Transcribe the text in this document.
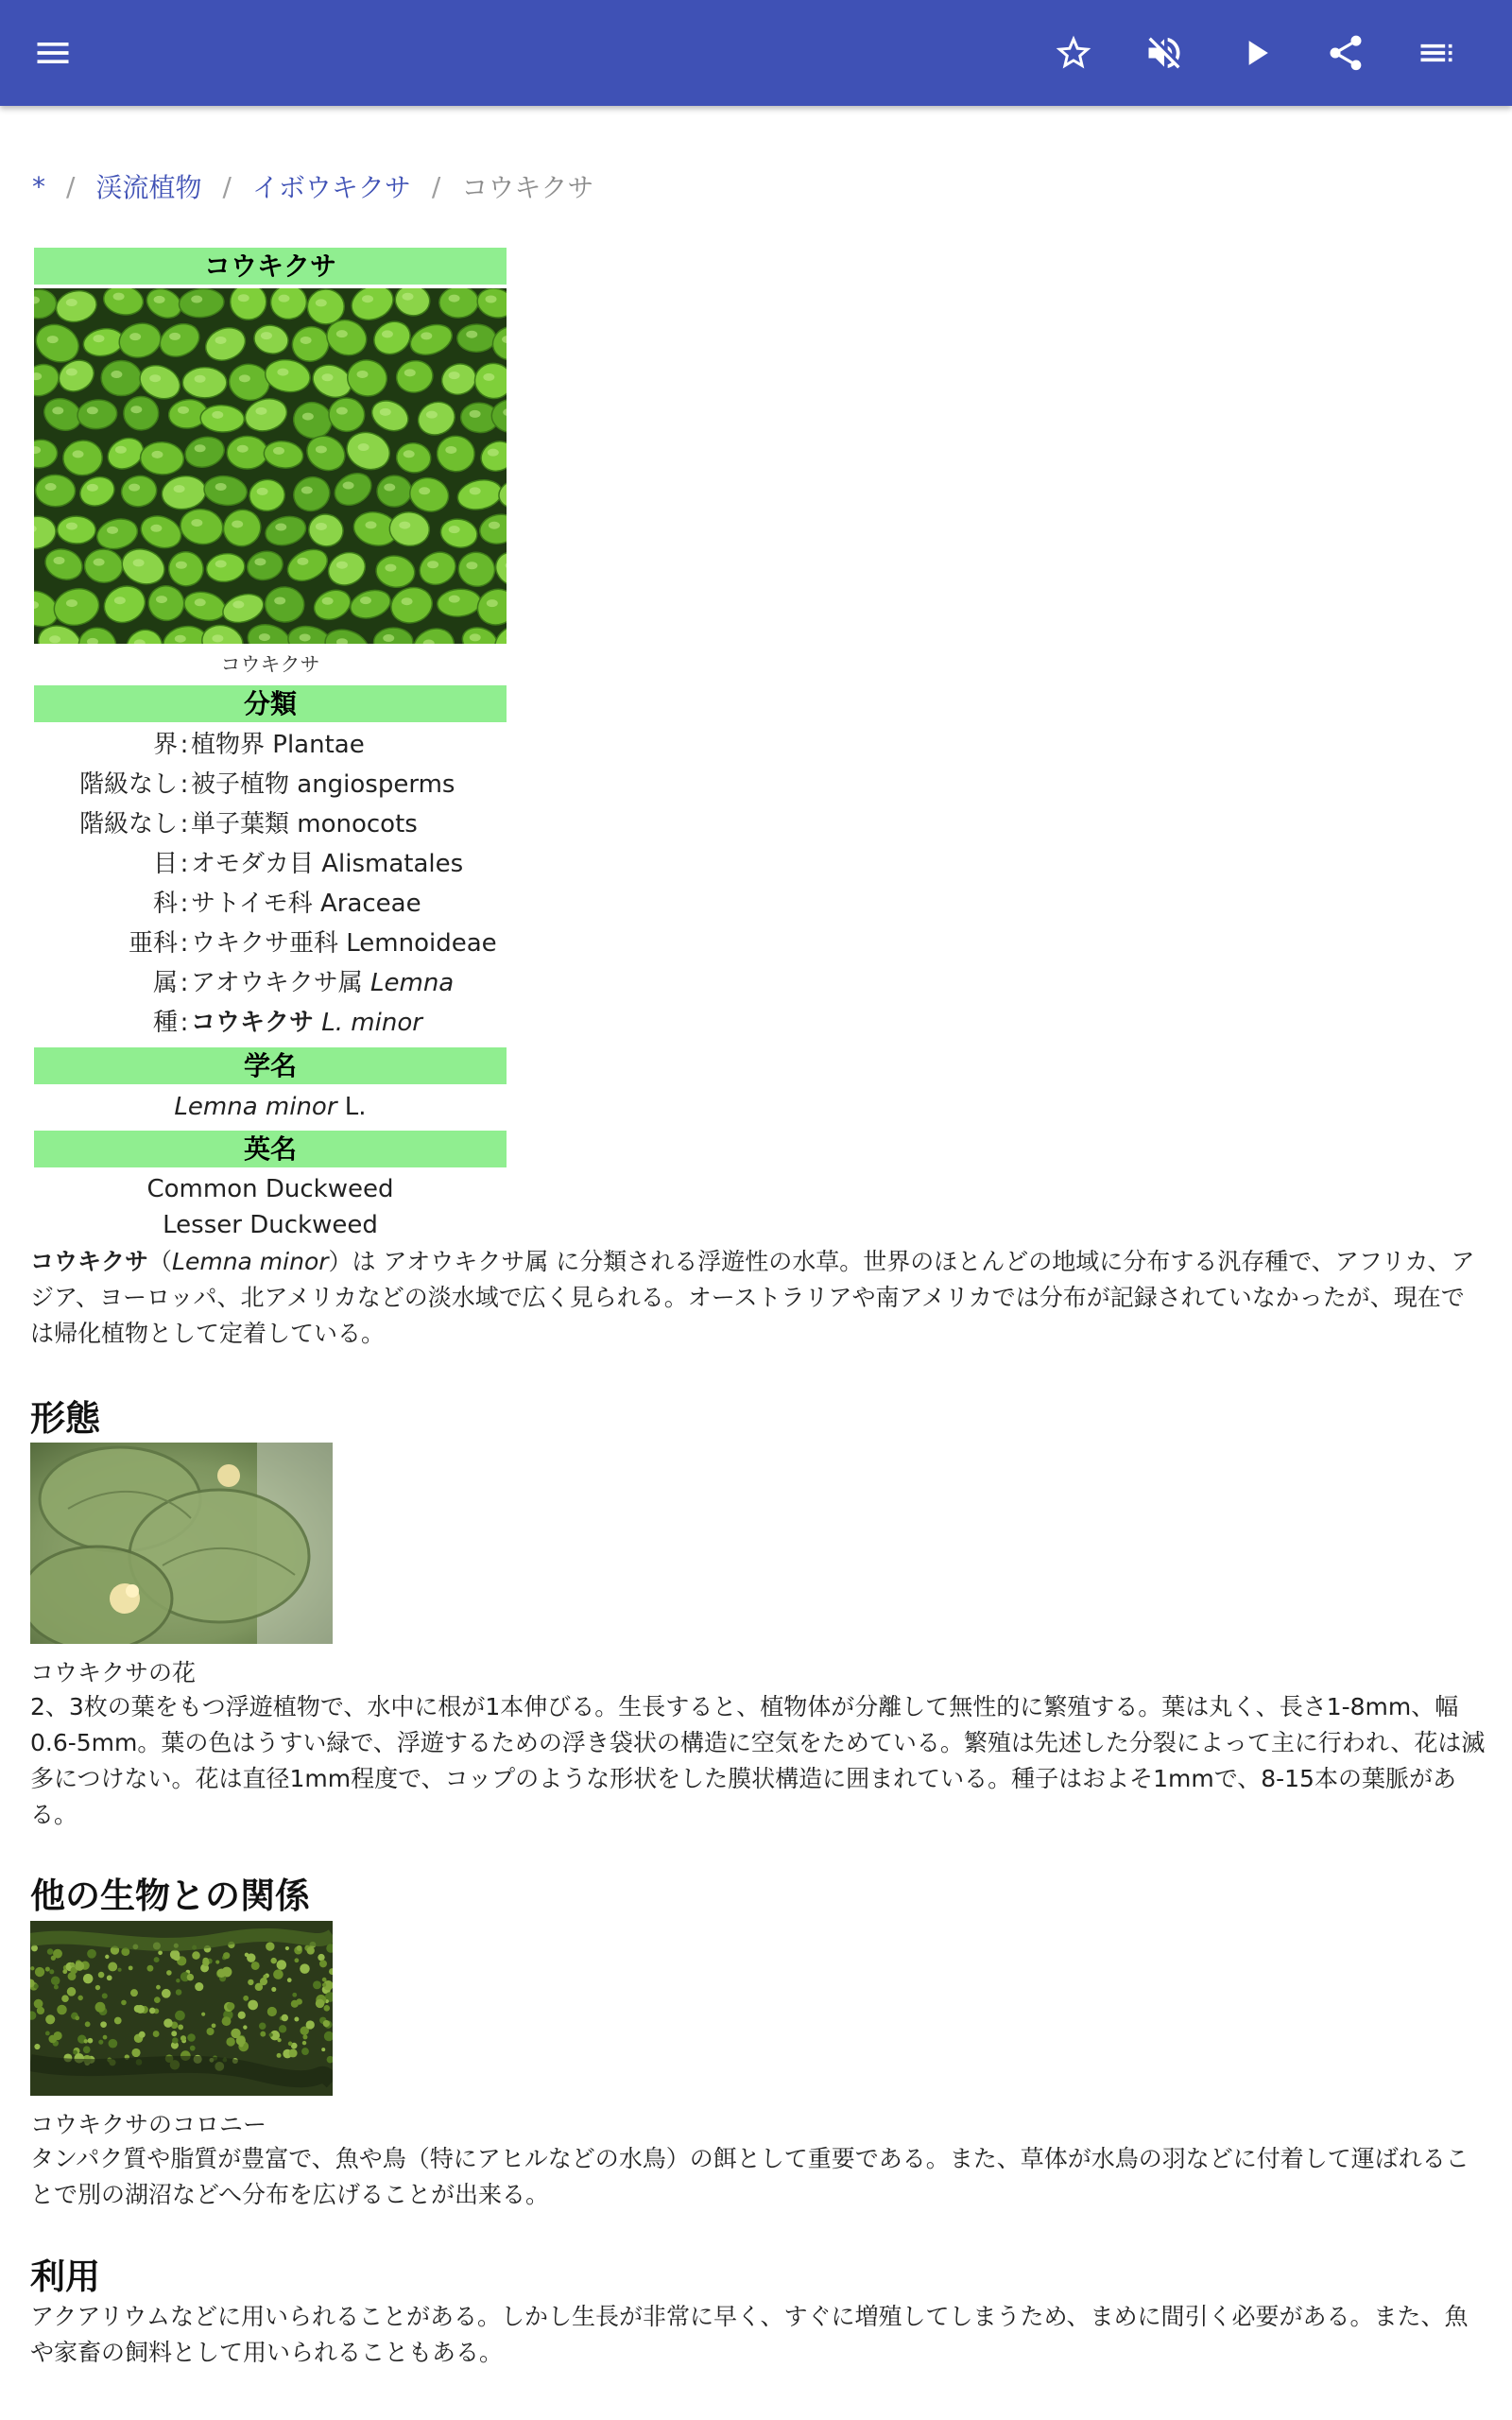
* / 渓流植物 / イボウキクサ / コウキクサ
コウキクサ
コウキクサ
分類
界 : 植物界 Plantae
階級なし : 被子植物 angiosperms
階級なし : 単子葉類 monocots
目 : オモダカ目 Alismatales
科 : サトイモ科 Araceae
亜科 : ウキクサ亜科 Lemnoideae
属 : アオウキクサ属 Lemna
種 : コウキクサ L. minor
学名
Lemna minor L.
英名
Common Duckweed
Lesser Duckweed
コウキクサ（Lemna minor）は アオウキクサ属 に分類される浮遊性の水草。世界のほとんどの地域に分布する汎存種で、アフリカ、アジア、ヨーロッパ、北アメリカなどの淡水域で広く見られる。オーストラリアや南アメリカでは分布が記録されていなかったが、現在では帰化植物として定着している。
形態
コウキクサの花
2、3枚の葉をもつ浮遊植物で、水中に根が1本伸びる。生長すると、植物体が分離して無性的に繁殖する。葉は丸く、長さ1-8mm、幅0.6-5mm。葉の色はうすい緑で、浮遊するための浮き袋状の構造に空気をためている。繁殖は先述した分裂によって主に行われ、花は滅多につけない。花は直径1mm程度で、コップのような形状をした膜状構造に囲まれている。種子はおよそ1mmで、8-15本の葉脈がある。
他の生物との関係
コウキクサのコロニー
タンパク質や脂質が豊富で、魚や鳥（特にアヒルなどの水鳥）の餌として重要である。また、草体が水鳥の羽などに付着して運ばれることで別の湖沼などへ分布を広げることが出来る。
利用
アクアリウムなどに用いられることがある。しかし生長が非常に早く、すぐに増殖してしまうため、まめに間引く必要がある。また、魚や家畜の飼料として用いられることもある。
